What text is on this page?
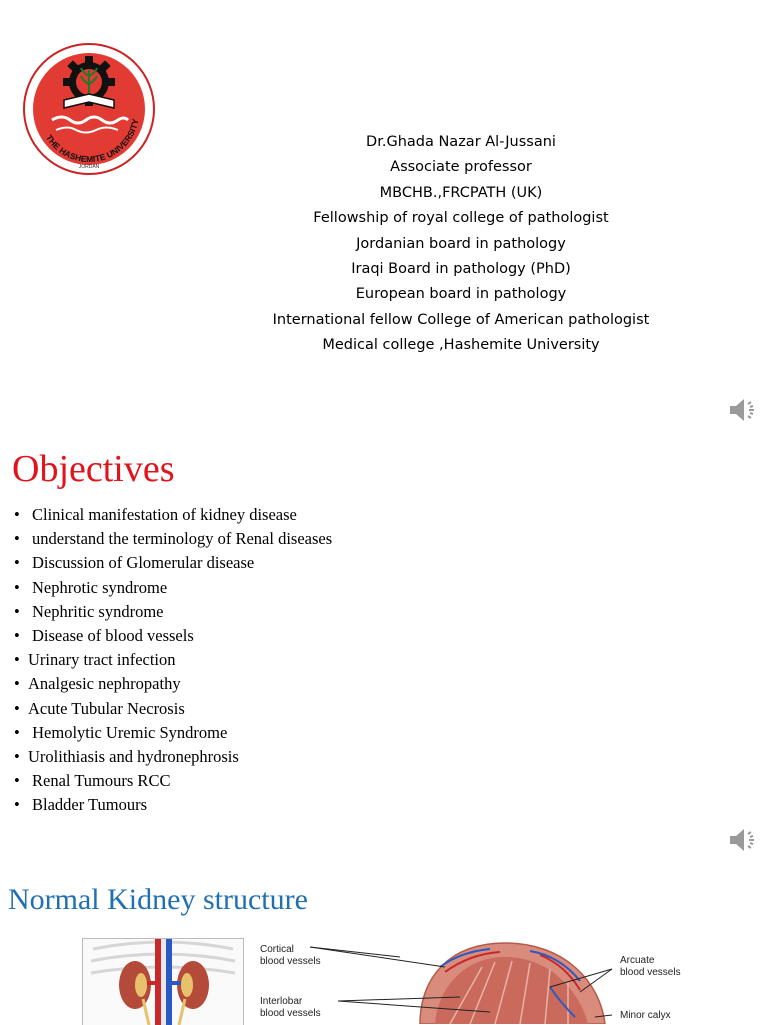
THE HASHEMITE UNIVERSITY
JORDAN
Dr.Ghada Nazar Al-Jussani
Associate professor
MBCHB.,FRCPATH (UK)
Fellowship of royal college of pathologist
Jordanian board in pathology
Iraqi Board in pathology (PhD)
European board in pathology
International fellow College of American pathologist
Medical college ,Hashemite University
Objectives
• Clinical manifestation of kidney disease
• understand the terminology of Renal diseases
• Discussion of Glomerular disease
• Nephrotic syndrome
• Nephritic syndrome
• Disease of blood vessels
• Urinary tract infection
• Analgesic nephropathy
• Acute Tubular Necrosis
• Hemolytic Uremic Syndrome
• Urolithiasis and hydronephrosis
• Renal Tumours RCC
• Bladder Tumours
Normal Kidney structure
Cortical
blood vessels
Interlobar
blood vessels
Arcuate
blood vessels
Minor calyx
